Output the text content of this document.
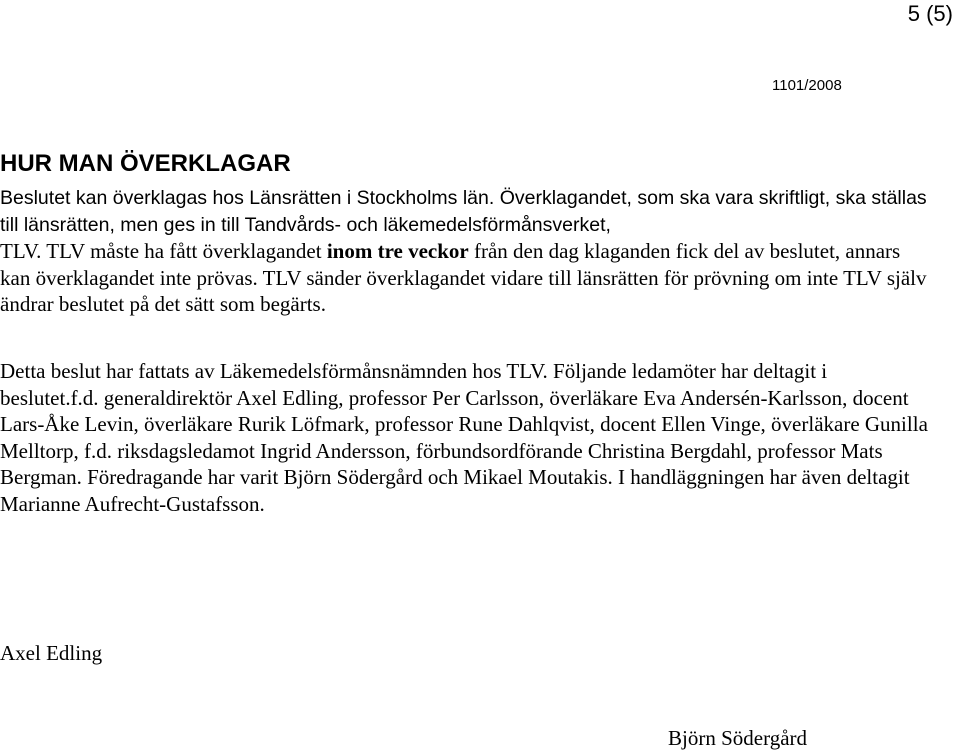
5 (5)
1101/2008
HUR MAN ÖVERKLAGAR

Beslutet kan överklagas hos Länsrätten i Stockholms län. Överklagandet, som ska vara skriftligt, ska ställas till länsrätten, men ges in till Tandvårds- och läkemedelsförmånsverket,

TLV. TLV måste ha fått överklagandet inom tre veckor från den dag klaganden fick del av beslutet, annars kan överklagandet inte prövas. TLV sänder överklagandet vidare till länsrätten för prövning om inte TLV själv ändrar beslutet på det sätt som begärts.

Detta beslut har fattats av Läkemedelsförmånsnämnden hos TLV. Följande ledamöter har deltagit i beslutet.f.d. generaldirektör Axel Edling, professor Per Carlsson, överläkare Eva Andersén-Karlsson, docent Lars-Åke Levin, överläkare Rurik Löfmark, professor Rune Dahlqvist, docent Ellen Vinge, överläkare Gunilla Melltorp, f.d. riksdagsledamot Ingrid Andersson, förbundsordförande Christina Bergdahl, professor Mats Bergman. Föredragande har varit Björn Södergård och Mikael Moutakis. I handläggningen har även deltagit Marianne Aufrecht-Gustafsson.

Axel Edling
Björn Södergård
